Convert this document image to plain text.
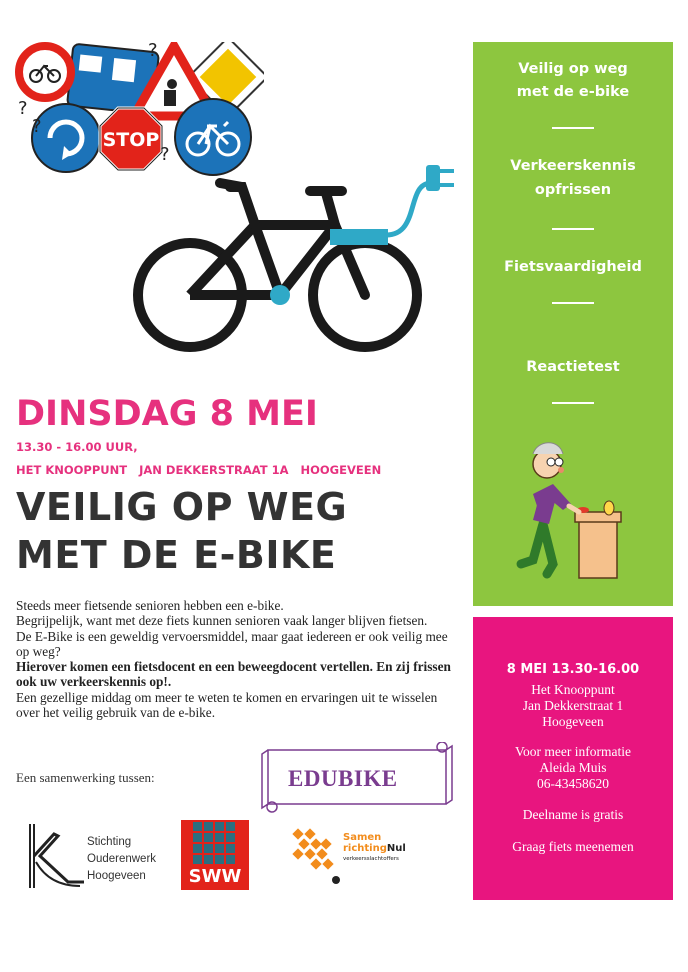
STOP
?
?
?
?
DINSDAG 8 MEI
13.30 - 16.00 UUR,
HET KNOOPPUNT   JAN DEKKERSTRAAT 1A   HOOGEVEEN
VEILIG OP WEG
MET DE E-BIKE

Steeds meer fietsende senioren hebben een e-bike.

Begrijpelijk, want met deze fiets kunnen senioren vaak langer blijven fietsen.

De E-Bike is een geweldig vervoersmiddel, maar gaat iedereen er ook veilig mee op weg?

Hierover komen een fietsdocent en een beweegdocent vertellen. En zij frissen ook uw verkeerskennis op!.

Een gezellige middag om meer te weten te komen en ervaringen uit te wisselen over het veilig gebruik van de e-bike.

Een samenwerking tussen:	EDUBIKE
Stichting
Ouderenwerk
Hoogeveen	SWW
Samen
richtingNul
verkeersslachtoffers
Veilig op weg
met de e-bike
Verkeerskennis
opfrissen
Fietsvaardigheid
Reactietest
8 MEI 13.30-16.00
Het Knooppunt
Jan Dekkerstraat 1
Hoogeveen
Voor meer informatie
Aleida Muis
06-43458620
Deelname is gratis
Graag fiets meenemen
